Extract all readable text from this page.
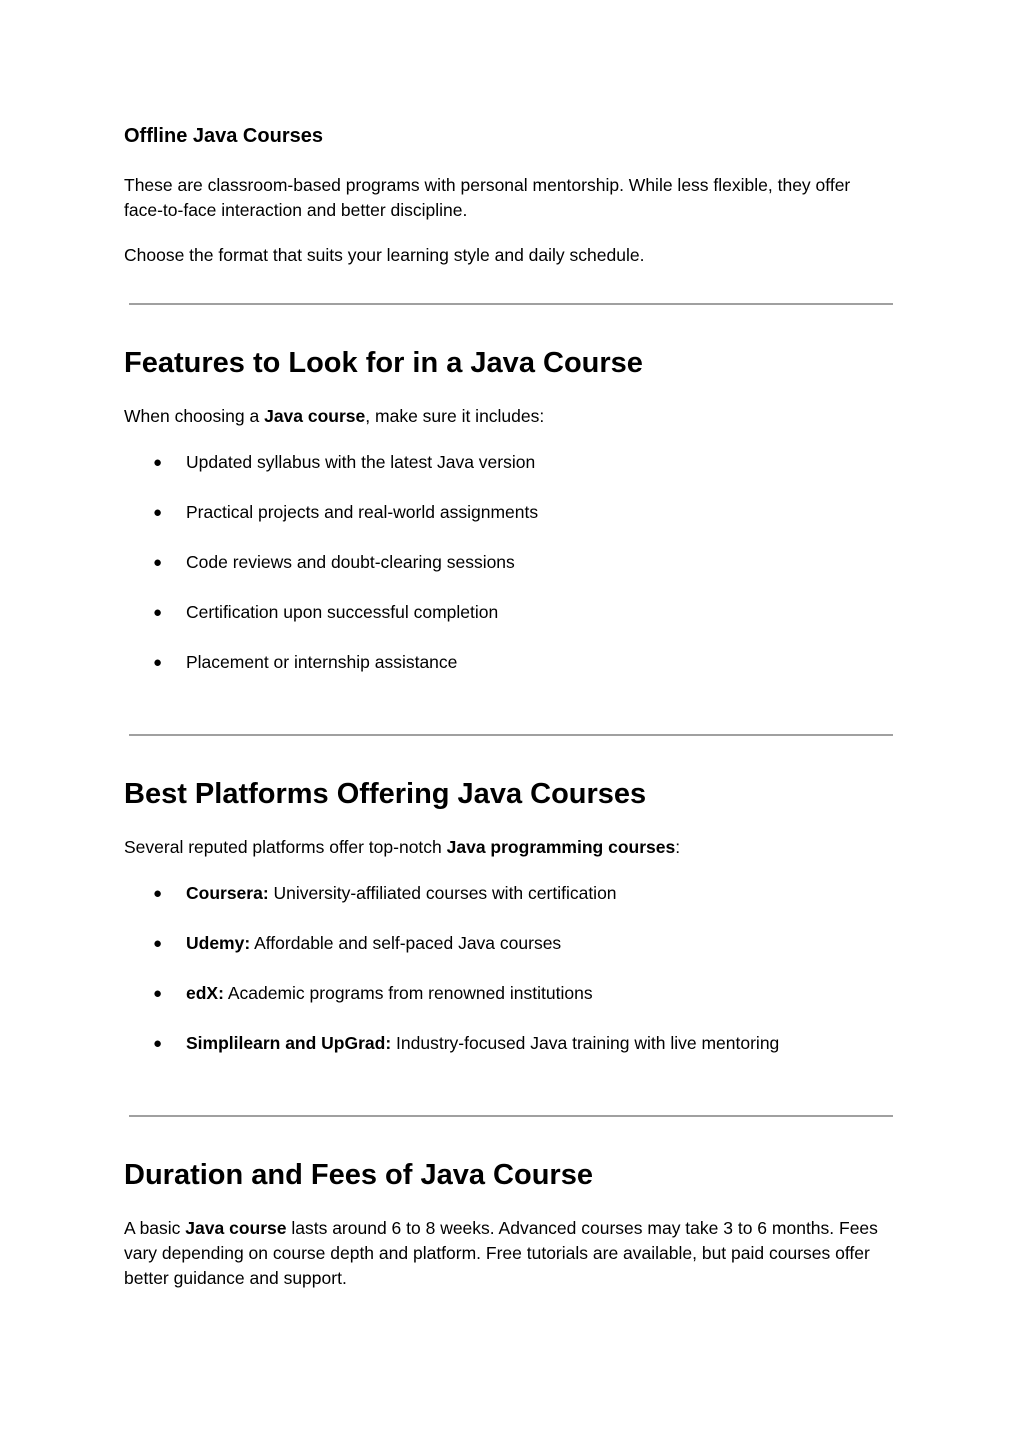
Offline Java Courses

These are classroom-based programs with personal mentorship. While less flexible, they offer face-to-face interaction and better discipline.

Choose the format that suits your learning style and daily schedule.

Features to Look for in a Java Course

When choosing a Java course, make sure it includes:

● Updated syllabus with the latest Java version
● Practical projects and real-world assignments
● Code reviews and doubt-clearing sessions
● Certification upon successful completion
● Placement or internship assistance
Best Platforms Offering Java Courses

Several reputed platforms offer top-notch Java programming courses:

● Coursera: University-affiliated courses with certification
● Udemy: Affordable and self-paced Java courses
● edX: Academic programs from renowned institutions
● Simplilearn and UpGrad: Industry-focused Java training with live mentoring
Duration and Fees of Java Course

A basic Java course lasts around 6 to 8 weeks. Advanced courses may take 3 to 6 months. Fees vary depending on course depth and platform. Free tutorials are available, but paid courses offer better guidance and support.
